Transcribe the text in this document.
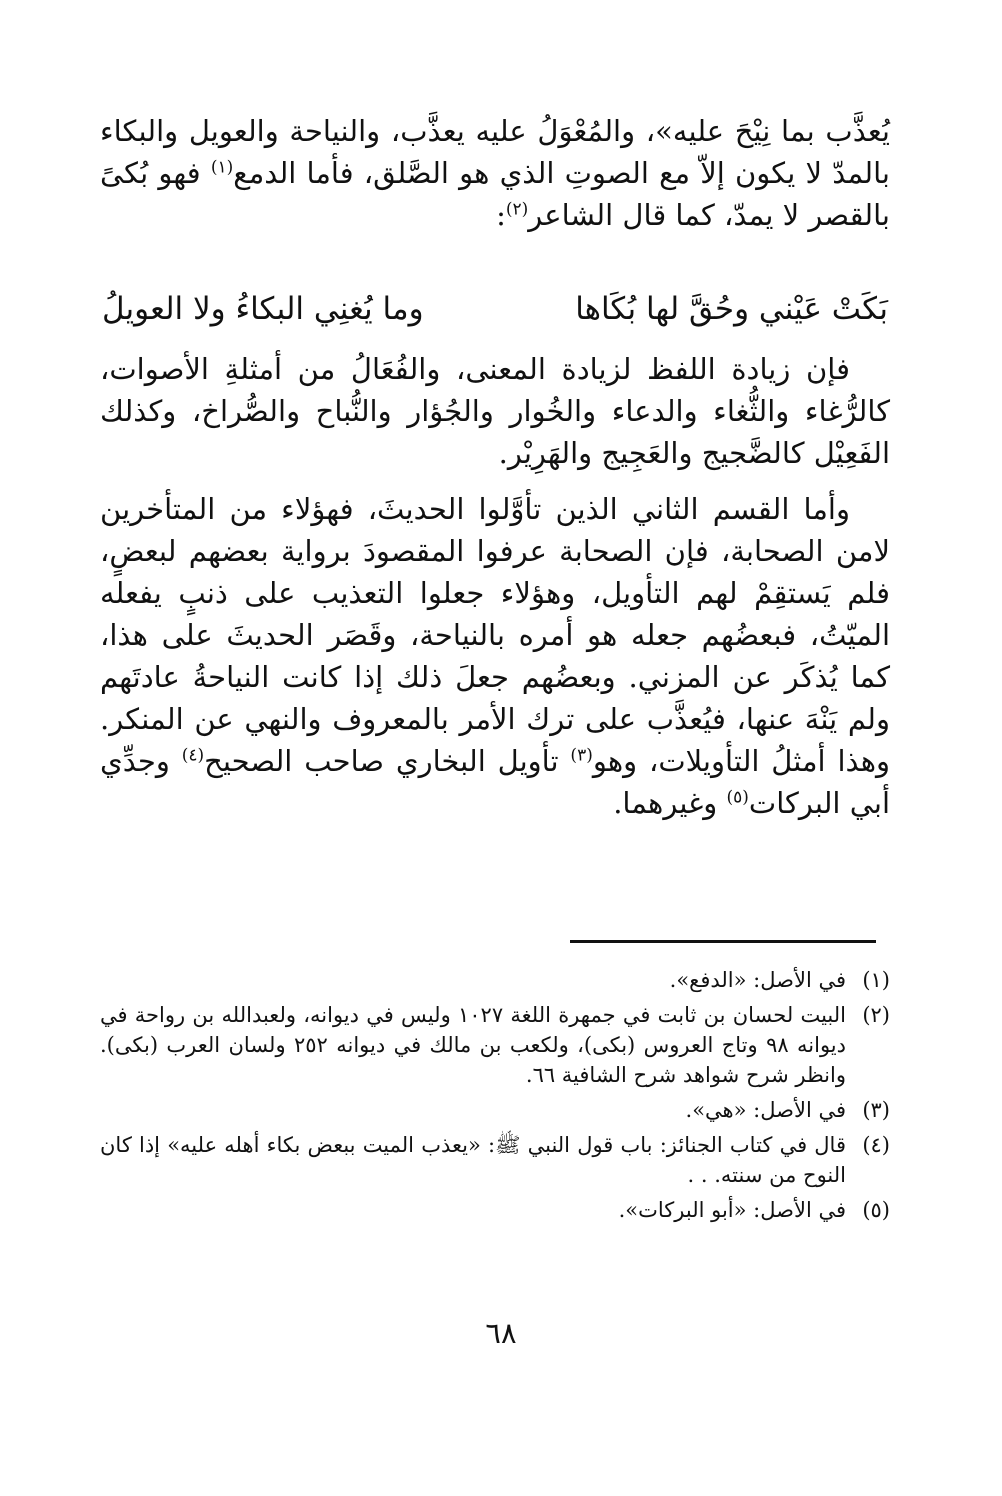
يُعذَّب بما نِيْحَ عليه»، والمُعْوَلُ عليه يعذَّب، والنياحة والعويل والبكاء بالمدّ لا يكون إلاّ مع الصوتِ الذي هو الصَّلق، فأما الدمع$^{(١)}$ فهو بُكىً بالقصر لا يمدّ، كما قال الشاعر$^{(٢)}$:

بَكَتْ عَيْني وحُقَّ لها بُكَاها
وما يُغنِي البكاءُ ولا العويلُ

فإن زيادة اللفظ لزيادة المعنى، والفُعَالُ من أمثلةِ الأصوات، كالرُّغاء والثُّغاء والدعاء والخُوار والجُؤار والنُّباح والصُّراخ، وكذلك الفَعِيْل كالضَّجيج والعَجِيج والهَرِيْر.

وأما القسم الثاني الذين تأوَّلوا الحديثَ، فهؤلاء من المتأخرين لامن الصحابة، فإن الصحابة عرفوا المقصودَ برواية بعضهم لبعضٍ، فلم يَستقِمْ لهم التأويل، وهؤلاء جعلوا التعذيب على ذنبٍ يفعله الميّتُ، فبعضُهم جعله هو أمره بالنياحة، وقَصَر الحديثَ على هذا، كما يُذكَر عن المزني. وبعضُهم جعلَ ذلك إذا كانت النياحةُ عادتَهم ولم يَنْهَ عنها، فيُعذَّب على ترك الأمر بالمعروف والنهي عن المنكر. وهذا أمثلُ التأويلات، وهو$^{(٣)}$ تأويل البخاري صاحب الصحيح$^{(٤)}$ وجدِّي أبي البركات$^{(٥)}$ وغيرهما.

(١)
في الأصل: «الدفع».
(٢)
البيت لحسان بن ثابت في جمهرة اللغة ١٠٢٧ وليس في ديوانه، ولعبدالله بن رواحة في ديوانه ٩٨ وتاج العروس (بكى)، ولكعب بن مالك في ديوانه ٢٥٢ ولسان العرب (بكى). وانظر شرح شواهد شرح الشافية ٦٦.
(٣)
في الأصل: «هي».
(٤)
قال في كتاب الجنائز: باب قول النبي ﷺ: «يعذب الميت ببعض بكاء أهله عليه» إذا كان النوح من سنته. . .
(٥)
في الأصل: «أبو البركات».
٦٨
